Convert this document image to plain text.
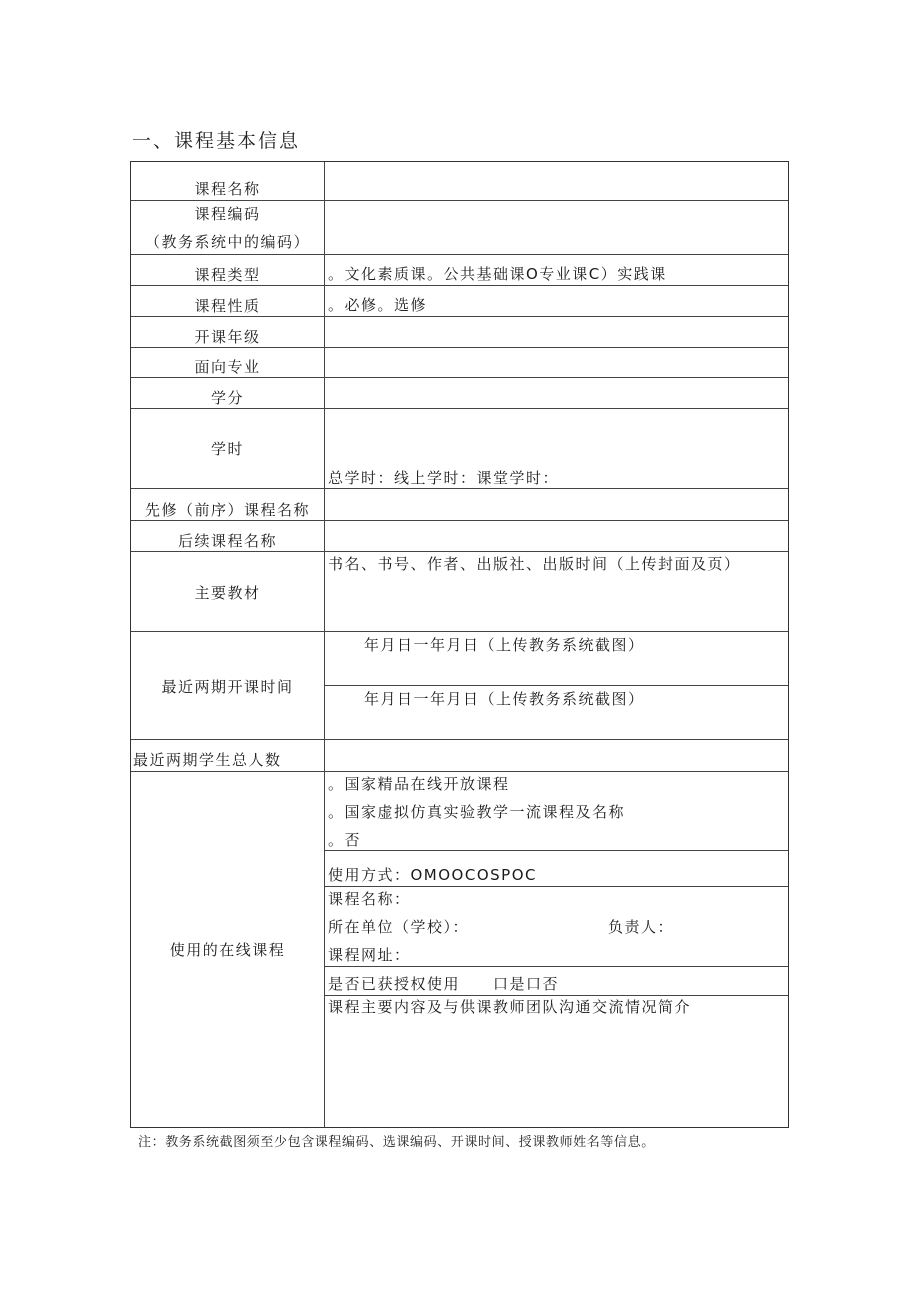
一、课程基本信息
课程名称
课程编码
（教务系统中的编码）
课程类型
课程性质
开课年级
面向专业
学分
学时
先修（前序）课程名称
后续课程名称
主要教材
最近两期开课时间
最近两期学生总人数
使用的在线课程
。文化素质课。公共基础课O专业课C）实践课
。必修。选修
总学时：线上学时：课堂学时：
书名、书号、作者、出版社、出版时间（上传封面及页）
年月日一年月日（上传教务系统截图）
年月日一年月日（上传教务系统截图）
。国家精品在线开放课程
。国家虚拟仿真实验教学一流课程及名称
。否
使用方式：OMOOCOSPOC
课程名称：
所在单位（学校）：	负责人：
课程网址：
是否已获授权使用 口是口否
课程主要内容及与供课教师团队沟通交流情况简介
注：教务系统截图须至少包含课程编码、选课编码、开课时间、授课教师姓名等信息。
